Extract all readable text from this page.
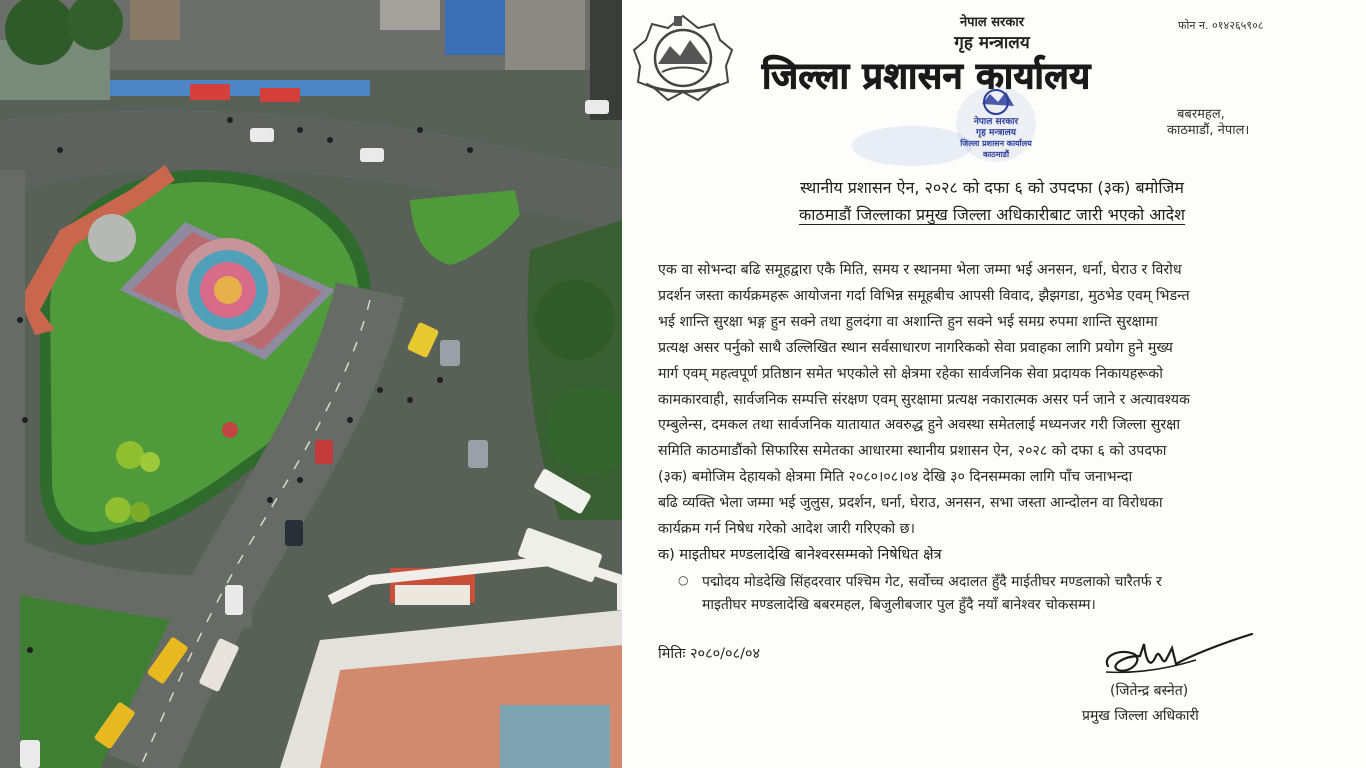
नेपाल सरकार
गृह मन्त्रालय
जिल्ला प्रशासन कार्यालय
फोन न. ०१४२६५९०८
बबरमहल,
काठमाडौं, नेपाल।
नेपाल सरकार
गृह मन्त्रालय
जिल्ला प्रशासन कार्यालय
काठमाडौं
स्थानीय प्रशासन ऐन, २०२८ को दफा ६ को उपदफा (३क) बमोजिम
काठमाडौं जिल्लाका प्रमुख जिल्ला अधिकारीबाट जारी भएको आदेश
एक वा सोभन्दा बढि समूहद्वारा एकै मिति, समय र स्थानमा भेला जम्मा भई अनसन, धर्ना, घेराउ र विरोध
प्रदर्शन जस्ता कार्यक्रमहरू आयोजना गर्दा विभिन्न समूहबीच आपसी विवाद, झैझगडा, मुठभेड एवम् भिडन्त
भई शान्ति सुरक्षा भङ्ग हुन सक्ने तथा हुलदंगा वा अशान्ति हुन सक्ने भई समग्र रुपमा शान्ति सुरक्षामा
प्रत्यक्ष असर पर्नुको साथै उल्लिखित स्थान सर्वसाधारण नागरिकको सेवा प्रवाहका लागि प्रयोग हुने मुख्य
मार्ग एवम् महत्वपूर्ण प्रतिष्ठान समेत भएकोले सो क्षेत्रमा रहेका सार्वजनिक सेवा प्रदायक निकायहरूको
कामकारवाही, सार्वजनिक सम्पत्ति संरक्षण एवम् सुरक्षामा प्रत्यक्ष नकारात्मक असर पर्न जाने र अत्यावश्यक
एम्बुलेन्स, दमकल तथा सार्वजनिक यातायात अवरुद्ध हुने अवस्था समेतलाई मध्यनजर गरी जिल्ला सुरक्षा
समिति काठमाडौंको सिफारिस समेतका आधारमा स्थानीय प्रशासन ऐन, २०२८ को दफा ६ को उपदफा
(३क) बमोजिम देहायको क्षेत्रमा मिति २०८०।०८।०४ देखि ३० दिनसम्मका लागि पाँच जनाभन्दा
बढि व्यक्ति भेला जम्मा भई जुलुस, प्रदर्शन, धर्ना, घेराउ, अनसन, सभा जस्ता आन्दोलन वा विरोधका
कार्यक्रम गर्न निषेध गरेको आदेश जारी गरिएको छ।
क) माइतीघर मण्डलादेखि बानेश्वरसम्मको निषेधित क्षेत्र
○ पद्मोदय मोडदेखि सिंहदरवार पश्चिम गेट, सर्वोच्च अदालत हुँदै माईतीघर मण्डलाको चारैतर्फ र
माइतीघर मण्डलादेखि बबरमहल, बिजुलीबजार पुल हुँदै नयाँ बानेश्वर चोकसम्म।
मितिः २०८०/०८/०४
(जितेन्द्र बस्नेत)
प्रमुख जिल्ला अधिकारी
